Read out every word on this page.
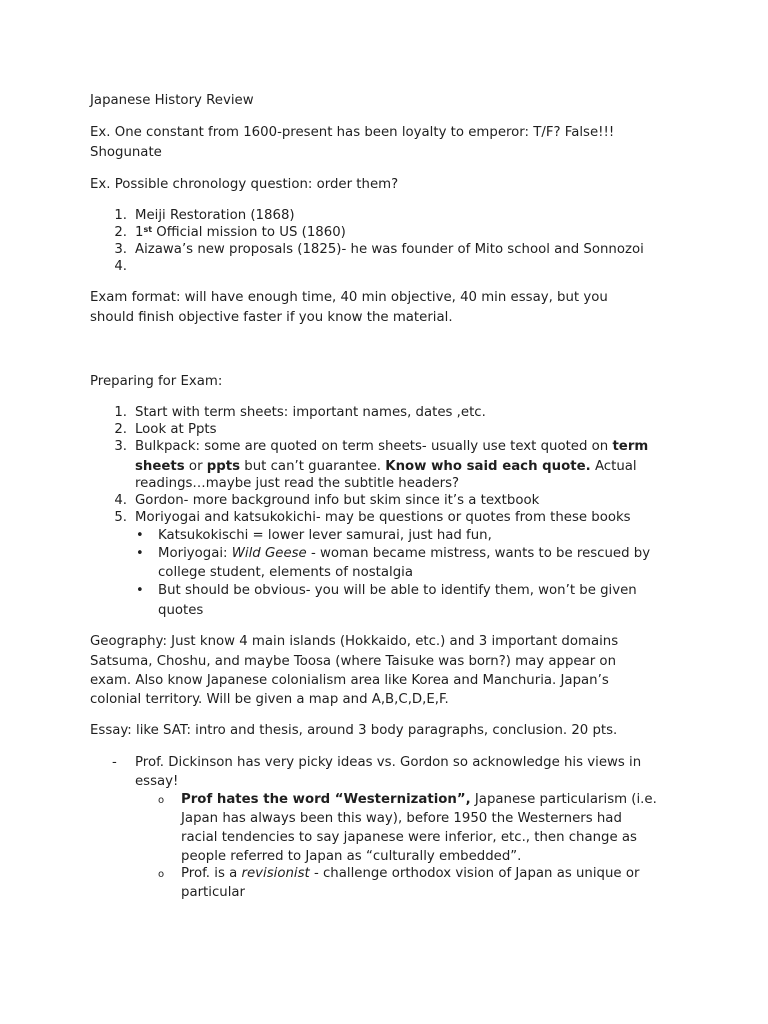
Japanese History Review
Ex. One constant from 1600-present has been loyalty to emperor: T/F? False!!!
Shogunate
Ex. Possible chronology question: order them?
1. Meiji Restoration (1868)
2. 1st Official mission to US (1860)
3. Aizawa’s new proposals (1825)- he was founder of Mito school and Sonnozoi
4.
Exam format: will have enough time, 40 min objective, 40 min essay, but you
should finish objective faster if you know the material.
Preparing for Exam:
1. Start with term sheets: important names, dates ,etc.
2. Look at Ppts
3. Bulkpack: some are quoted on term sheets- usually use text quoted on term
sheets or ppts but can’t guarantee. Know who said each quote. Actual
readings…maybe just read the subtitle headers?
4. Gordon- more background info but skim since it’s a textbook
5. Moriyogai and katsukokichi- may be questions or quotes from these books
• Katsukokischi = lower lever samurai, just had fun,
• Moriyogai: Wild Geese - woman became mistress, wants to be rescued by
college student, elements of nostalgia
• But should be obvious- you will be able to identify them, won’t be given
quotes
Geography: Just know 4 main islands (Hokkaido, etc.) and 3 important domains
Satsuma, Choshu, and maybe Toosa (where Taisuke was born?) may appear on
exam. Also know Japanese colonialism area like Korea and Manchuria. Japan’s
colonial territory. Will be given a map and A,B,C,D,E,F.
Essay: like SAT: intro and thesis, around 3 body paragraphs, conclusion. 20 pts.
- Prof. Dickinson has very picky ideas vs. Gordon so acknowledge his views in
essay!
o Prof hates the word “Westernization”, Japanese particularism (i.e.
Japan has always been this way), before 1950 the Westerners had
racial tendencies to say japanese were inferior, etc., then change as
people referred to Japan as “culturally embedded”.
o Prof. is a revisionist - challenge orthodox vision of Japan as unique or
particular
